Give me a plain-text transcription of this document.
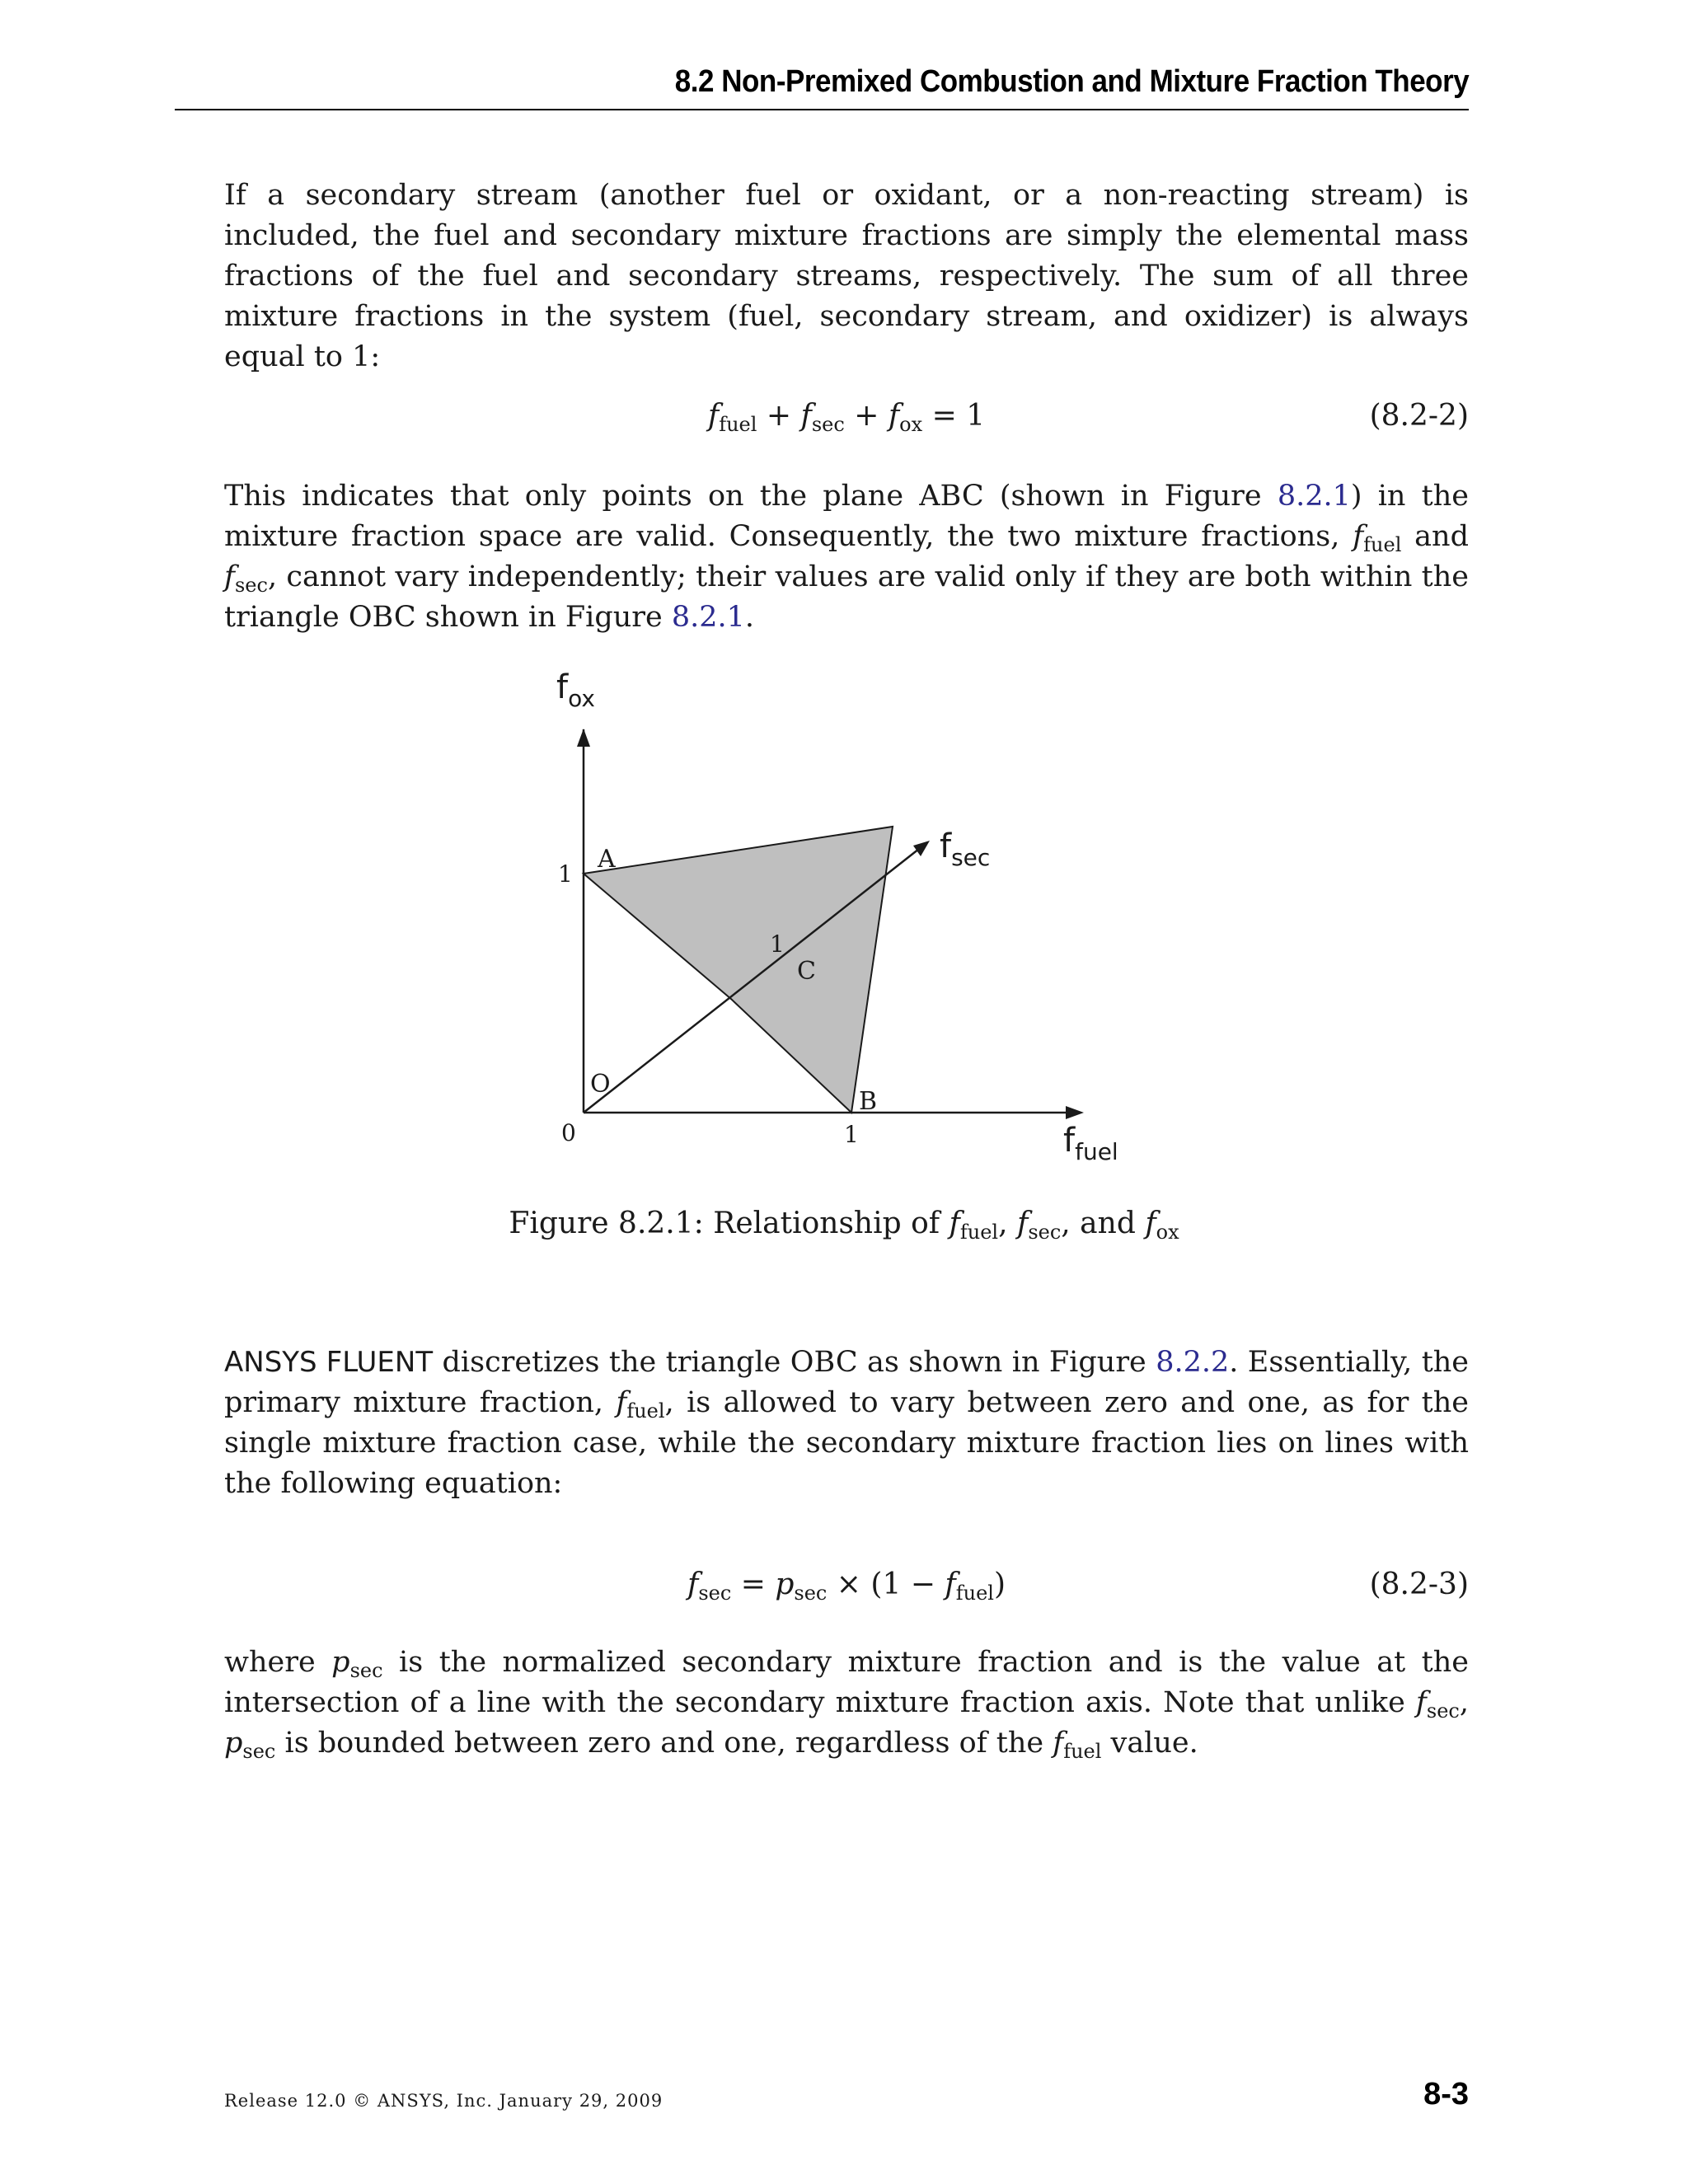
8.2 Non-Premixed Combustion and Mixture Fraction Theory

If a secondary stream (another fuel or oxidant, or a non-reacting stream) is included, the fuel and secondary mixture fractions are simply the elemental mass fractions of the fuel and secondary streams, respectively. The sum of all three mixture fractions in the system (fuel, secondary stream, and oxidizer) is always equal to 1:

$f_{fuel} + f_{sec} + f_{ox} = 1$	(8.2-2)

This indicates that only points on the plane ABC (shown in Figure 8.2.1) in the mixture fraction space are valid. Consequently, the two mixture fractions, $f_{fuel}$ and $f_{sec}$, cannot vary independently; their values are valid only if they are both within the triangle OBC shown in Figure 8.2.1.

$f_{ox}$
$f_{sec}$
$f_{fuel}$
A
C
B
O
1
1
0	1
Figure 8.2.1: Relationship of $f_{fuel}$, $f_{sec}$, and $f_{ox}$

ANSYS FLUENT discretizes the triangle OBC as shown in Figure 8.2.2. Essentially, the primary mixture fraction, $f_{fuel}$, is allowed to vary between zero and one, as for the single mixture fraction case, while the secondary mixture fraction lies on lines with the following equation:

$f_{sec} = p_{sec} \times (1 - f_{fuel})$	(8.2-3)

where $p_{sec}$ is the normalized secondary mixture fraction and is the value at the intersection of a line with the secondary mixture fraction axis. Note that unlike $f_{sec}$, $p_{sec}$ is bounded between zero and one, regardless of the $f_{fuel}$ value.

Release 12.0 © ANSYS, Inc. January 29, 2009	8-3
